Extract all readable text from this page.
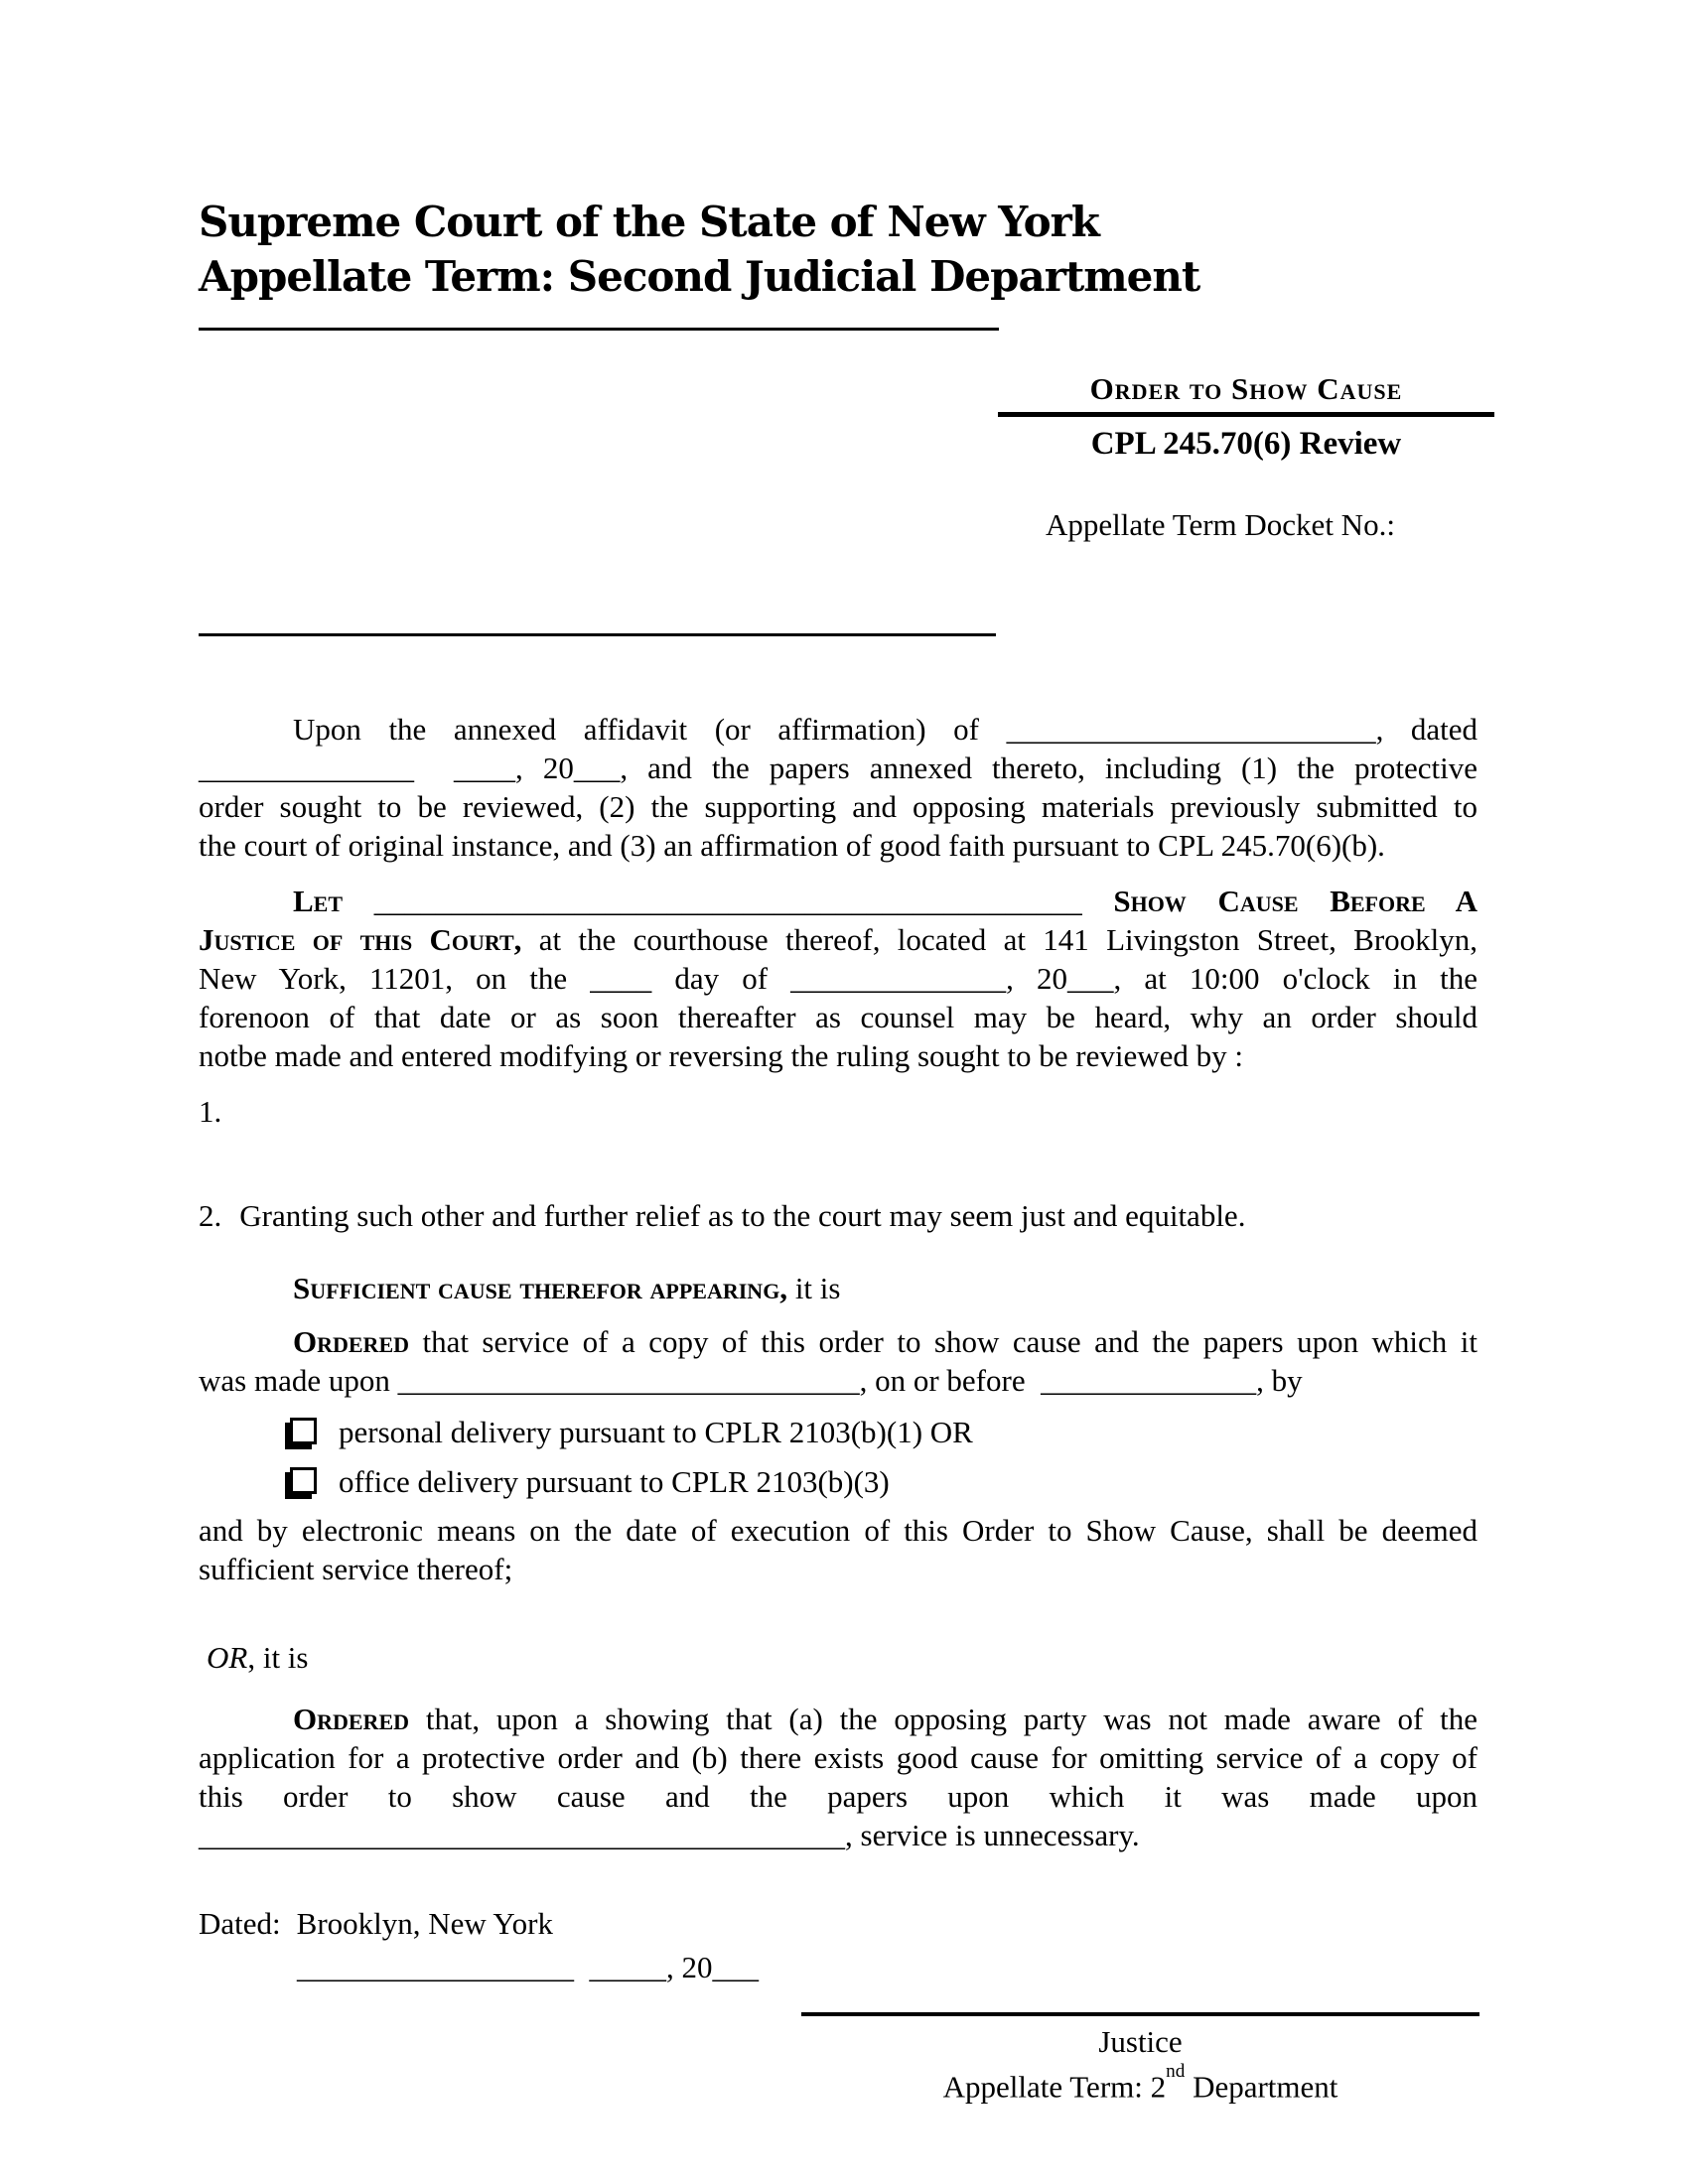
Supreme Court of the State of New York
Appellate Term: Second Judicial Department
Upon the annexed affidavit (or affirmation) of ________________________, dated
______________  ____, 20___, and the papers annexed thereto, including (1) the protective
order sought to be reviewed, (2) the supporting and opposing materials previously submitted to
the court of original instance, and (3) an affirmation of good faith pursuant to CPL 245.70(6)(b).
Let ______________________________________________ Show Cause Before A
Justice of this Court, at the courthouse thereof, located at 141 Livingston Street, Brooklyn,
New York, 11201, on the ____ day of ______________, 20___, at 10:00 o'clock in the
forenoon of that date or as soon thereafter as counsel may be heard, why an order should
notbe made and entered modifying or reversing the ruling sought to be reviewed by :
1.
2. Granting such other and further relief as to the court may seem just and equitable.
Sufficient cause therefor appearing, it is
Ordered that service of a copy of this order to show cause and the papers upon which it
was made upon ______________________________, on or before  ______________, by
personal delivery pursuant to CPLR 2103(b)(1) OR
office delivery pursuant to CPLR 2103(b)(3)
and by electronic means on the date of execution of this Order to Show Cause, shall be deemed
sufficient service thereof;
OR, it is
Ordered that, upon a showing that (a) the opposing party was not made aware of the
application for a protective order and (b) there exists good cause for omitting service of a copy of
this order to show cause and the papers upon which it was made upon
__________________________________________, service is unnecessary.
Dated: Brooklyn, New York
__________________  _____, 20___
Justice
Appellate Term: 2nd Department
Order to Show Cause
CPL 245.70(6) Review
Appellate Term Docket No.:
